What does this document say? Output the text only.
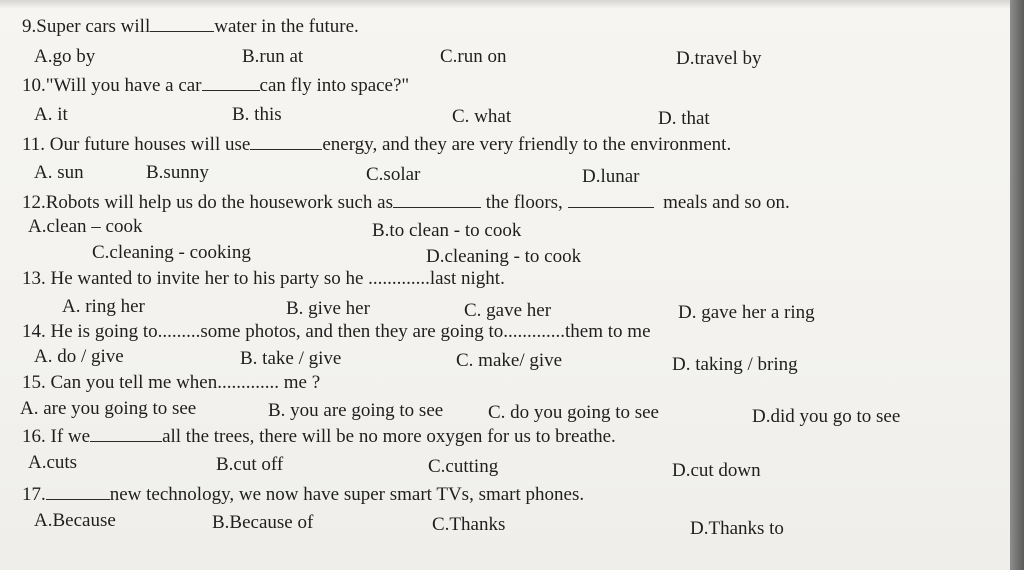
9.Super cars will	water in the future.
A.go by	B.run at	C.run on	D.travel by
10."Will you have a car	can fly into space?"
A. it	B. this	C. what	D. that
11. Our future houses will use	energy, and they are very friendly to the environment.
A. sun	B.sunny	C.solar	D.lunar
12.Robots will help us do the housework such as	the floors,	meals and so on.
A.clean – cook	B.to clean - to cook
C.cleaning - cooking	D.cleaning - to cook
13. He wanted to invite her to his party so he .............last night.
A. ring her	B. give her	C. gave her	D. gave her a ring
14. He is going to.........some photos, and then they are going to.............them to me
A. do / give	B. take / give	C. make/ give	D. taking / bring
15. Can you tell me when............. me ?
A. are you going to see	B. you are going to see C. do you going to see	D.did you go to see
16. If we	all the trees, there will be no more oxygen for us to breathe.
A.cuts	B.cut off	C.cutting	D.cut down
17.	new technology, we now have super smart TVs, smart phones.
A.Because	B.Because of	C.Thanks	D.Thanks to
